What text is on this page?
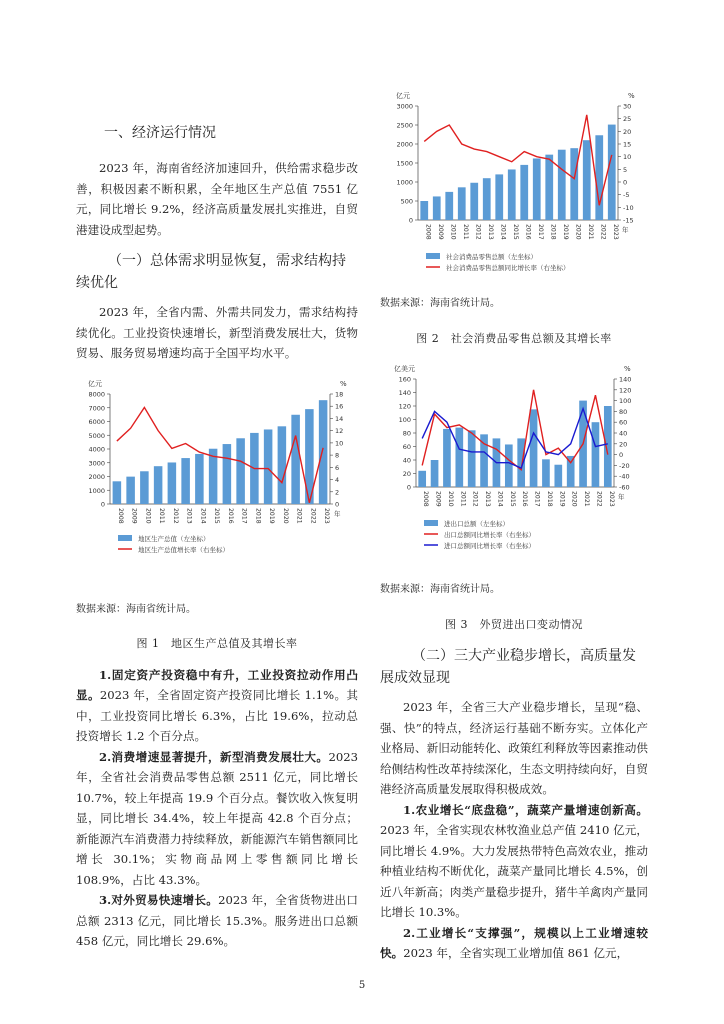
一、经济运行情况

2023 年，海南省经济加速回升，供给需求稳步改善，积极因素不断积累，全年地区生产总值 7551 亿元，同比增长 9.2%，经济高质量发展扎实推进，自贸港建设成型起势。

（一）总体需求明显恢复，需求结构持续优化

2023 年，全省内需、外需共同发力，需求结构持续优化。工业投资快速增长，新型消费发展壮大，货物贸易、服务贸易增速均高于全国平均水平。

亿元	%
0
1000
2000
3000
4000
5000
6000
7000
8000
0
2
4
6
8
10
12
14
16
18
2008 2009 2010 2011 2012 2013 2014 2015 2016 2017 2018 2019 2020 2021 2022 2023 年
地区生产总值（左坐标）
地区生产总值增长率（右坐标）

数据来源：海南省统计局。

图 1　地区生产总值及其增长率

1.固定资产投资稳中有升，工业投资拉动作用凸显。2023 年，全省固定资产投资同比增长 1.1%。其中，工业投资同比增长 6.3%，占比 19.6%，拉动总投资增长 1.2 个百分点。

2.消费增速显著提升，新型消费发展壮大。2023 年，全省社会消费品零售总额 2511 亿元，同比增长 10.7%，较上年提高 19.9 个百分点。餐饮收入恢复明显，同比增长 34.4%，较上年提高 42.8 个百分点；新能源汽车消费潜力持续释放，新能源汽车销售额同比增长 30.1%；实物商品网上零售额同比增长 108.9%，占比 43.3%。

3.对外贸易快速增长。2023 年，全省货物进出口总额 2313 亿元，同比增长 15.3%。服务进出口总额 458 亿元，同比增长 29.6%。

亿元	%
0
500
1000
1500
2000
2500
3000
-15
-10
-5
0
5
10
15
20
25
30
2008 2009 2010 2011 2012 2013 2014 2015 2016 2017 2018 2019 2020 2021 2022 2023 年
社会消费品零售总额（左坐标）
社会消费品零售总额同比增长率（右坐标）

数据来源：海南省统计局。

图 2　社会消费品零售总额及其增长率

亿美元	%
0
20
40
60
80
100
120
140
160
-60
-40
-20
0
20
40
60
80
100
120
140
2008 2009 2010 2011 2012 2013 2014 2015 2016 2017 2018 2019 2020 2021 2022 2023 年
进出口总额（左坐标）
出口总额同比增长率（右坐标）
进口总额同比增长率（右坐标）

数据来源：海南省统计局。

图 3　外贸进出口变动情况

（二）三大产业稳步增长，高质量发展成效显现

2023 年，全省三大产业稳步增长，呈现“稳、强、快”的特点，经济运行基础不断夯实。立体化产业格局、新旧动能转化、政策红利释放等因素推动供给侧结构性改革持续深化，生态文明持续向好，自贸港经济高质量发展取得积极成效。

1.农业增长“底盘稳”，蔬菜产量增速创新高。2023 年，全省实现农林牧渔业总产值 2410 亿元，同比增长 4.9%。大力发展热带特色高效农业，推动种植业结构不断优化，蔬菜产量同比增长 4.5%，创近八年新高；肉类产量稳步提升，猪牛羊禽肉产量同比增长 10.3%。

2.工业增长“支撑强”，规模以上工业增速较快。2023 年，全省实现工业增加值 861 亿元，

5
